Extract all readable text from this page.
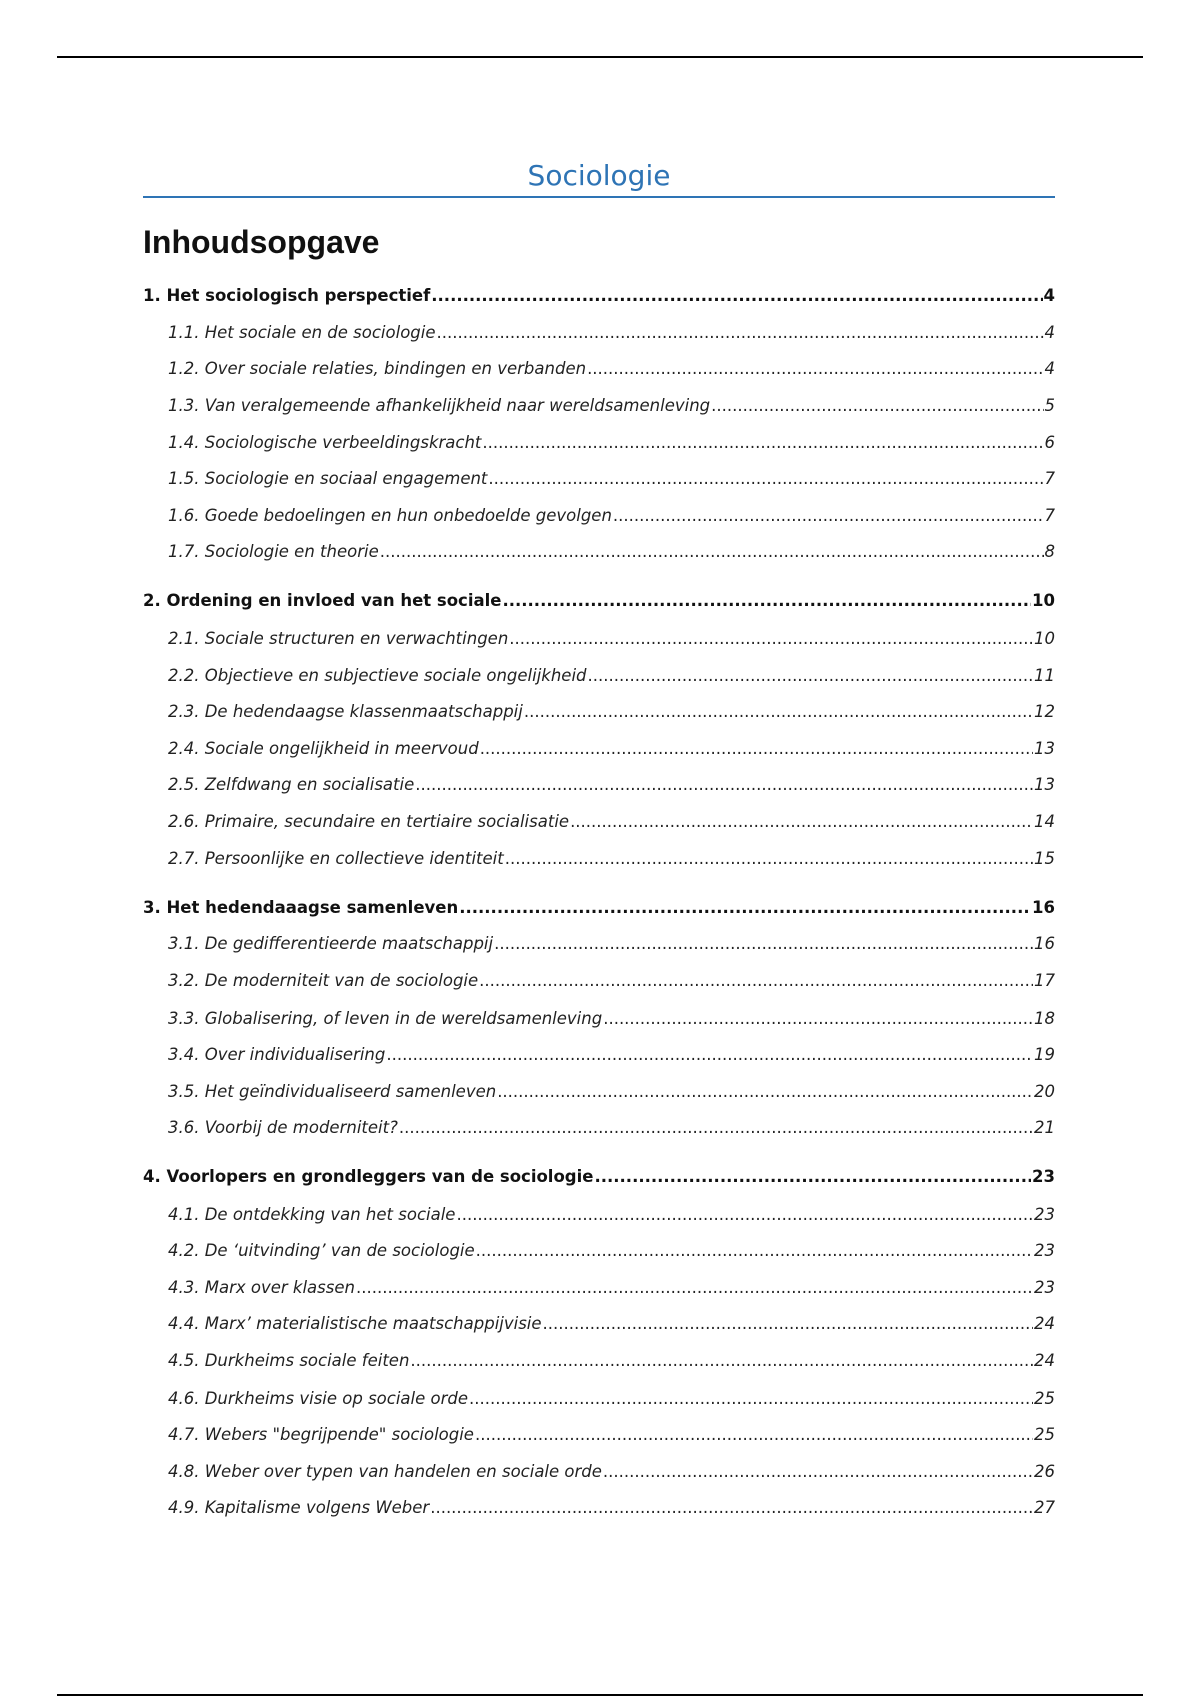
Sociologie
Inhoudsopgave
1. Het sociologisch perspectief .....	4
1.1. Het sociale en de sociologie .....	4
1.2. Over sociale relaties, bindingen en verbanden .....	4
1.3. Van veralgemeende afhankelijkheid naar wereldsamenleving .....	5
1.4. Sociologische verbeeldingskracht .....	6
1.5. Sociologie en sociaal engagement .....	7
1.6. Goede bedoelingen en hun onbedoelde gevolgen .....	7
1.7. Sociologie en theorie .....	8
2. Ordening en invloed van het sociale .....	10
2.1. Sociale structuren en verwachtingen .....	10
2.2. Objectieve en subjectieve sociale ongelijkheid .....	11
2.3. De hedendaagse klassenmaatschappij .....	12
2.4. Sociale ongelijkheid in meervoud .....	13
2.5. Zelfdwang en socialisatie .....	13
2.6. Primaire, secundaire en tertiaire socialisatie .....	14
2.7. Persoonlijke en collectieve identiteit .....	15
3. Het hedendaaagse samenleven .....	16
3.1. De gedifferentieerde maatschappij .....	16
3.2. De moderniteit van de sociologie .....	17
3.3. Globalisering, of leven in de wereldsamenleving .....	18
3.4. Over individualisering .....	19
3.5. Het geïndividualiseerd samenleven .....	20
3.6. Voorbij de moderniteit? .....	21
4. Voorlopers en grondleggers van de sociologie .....	23
4.1. De ontdekking van het sociale .....	23
4.2. De ‘uitvinding’ van de sociologie .....	23
4.3. Marx over klassen .....	23
4.4. Marx’ materialistische maatschappijvisie .....	24
4.5. Durkheims sociale feiten .....	24
4.6. Durkheims visie op sociale orde .....	25
4.7. Webers "begrijpende" sociologie .....	25
4.8. Weber over typen van handelen en sociale orde .....	26
4.9. Kapitalisme volgens Weber .....	27
